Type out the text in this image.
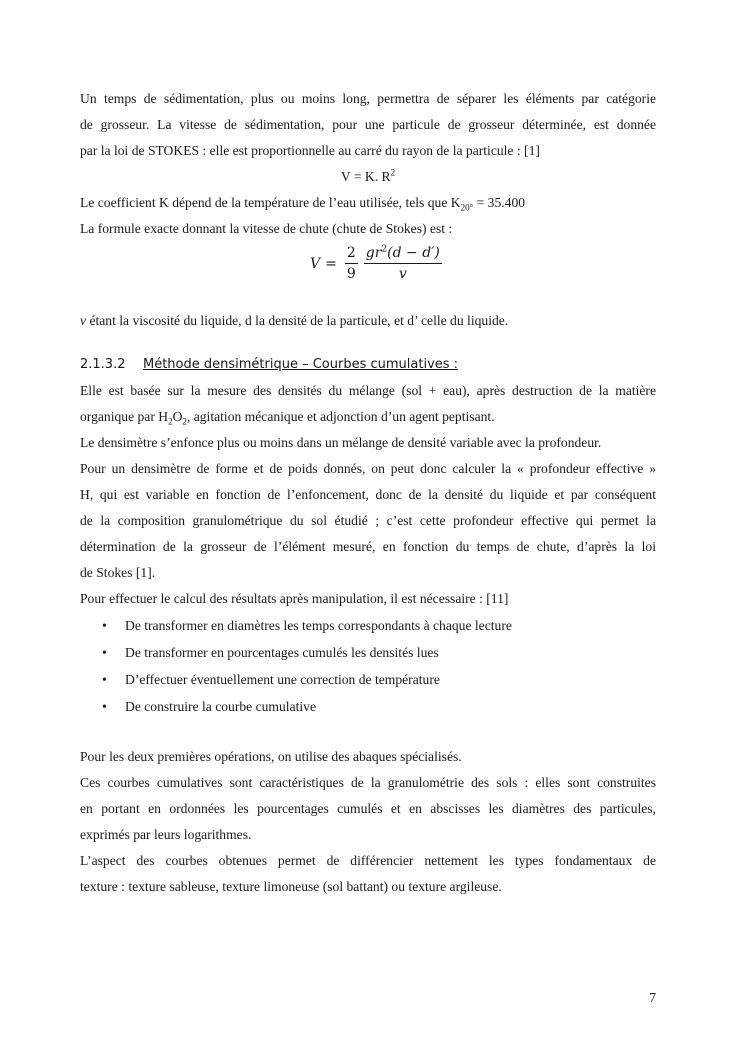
Un temps de sédimentation, plus ou moins long, permettra de séparer les éléments par catégorie

de grosseur. La vitesse de sédimentation, pour une particule de grosseur déterminée, est donnée

par la loi de STOKES : elle est proportionnelle au carré du rayon de la particule : [1]

V = K. $R^2$

Le coefficient K dépend de la température de l’eau utilisée, tels que $K_{20^\circ} = 35.400$

La formule exacte donnant la vitesse de chute (chute de Stokes) est :

$V = \frac{2}{9} \frac{gr^2(d - d')}{v}$

v étant la viscosité du liquide, d la densité de la particule, et d’ celle du liquide.

2.1.3.2 Méthode densimétrique – Courbes cumulatives :

Elle est basée sur la mesure des densités du mélange (sol + eau), après destruction de la matière

organique par $H_2O_2$, agitation mécanique et adjonction d’un agent peptisant.

Le densimètre s’enfonce plus ou moins dans un mélange de densité variable avec la profondeur.

Pour un densimètre de forme et de poids donnés, on peut donc calculer la « profondeur effective »

H, qui est variable en fonction de l’enfoncement, donc de la densité du liquide et par conséquent

de la composition granulométrique du sol étudié ; c’est cette profondeur effective qui permet la

détermination de la grosseur de l’élément mesuré, en fonction du temps de chute, d’après la loi

de Stokes [1].

Pour effectuer le calcul des résultats après manipulation, il est nécessaire : [11]

• De transformer en diamètres les temps correspondants à chaque lecture
• De transformer en pourcentages cumulés les densités lues
• D’effectuer éventuellement une correction de température
• De construire la courbe cumulative

Pour les deux premières opérations, on utilise des abaques spécialisés.

Ces courbes cumulatives sont caractéristiques de la granulométrie des sols : elles sont construites

en portant en ordonnées les pourcentages cumulés et en abscisses les diamètres des particules,

exprimés par leurs logarithmes.

L’aspect des courbes obtenues permet de différencier nettement les types fondamentaux de

texture : texture sableuse, texture limoneuse (sol battant) ou texture argileuse.

7
